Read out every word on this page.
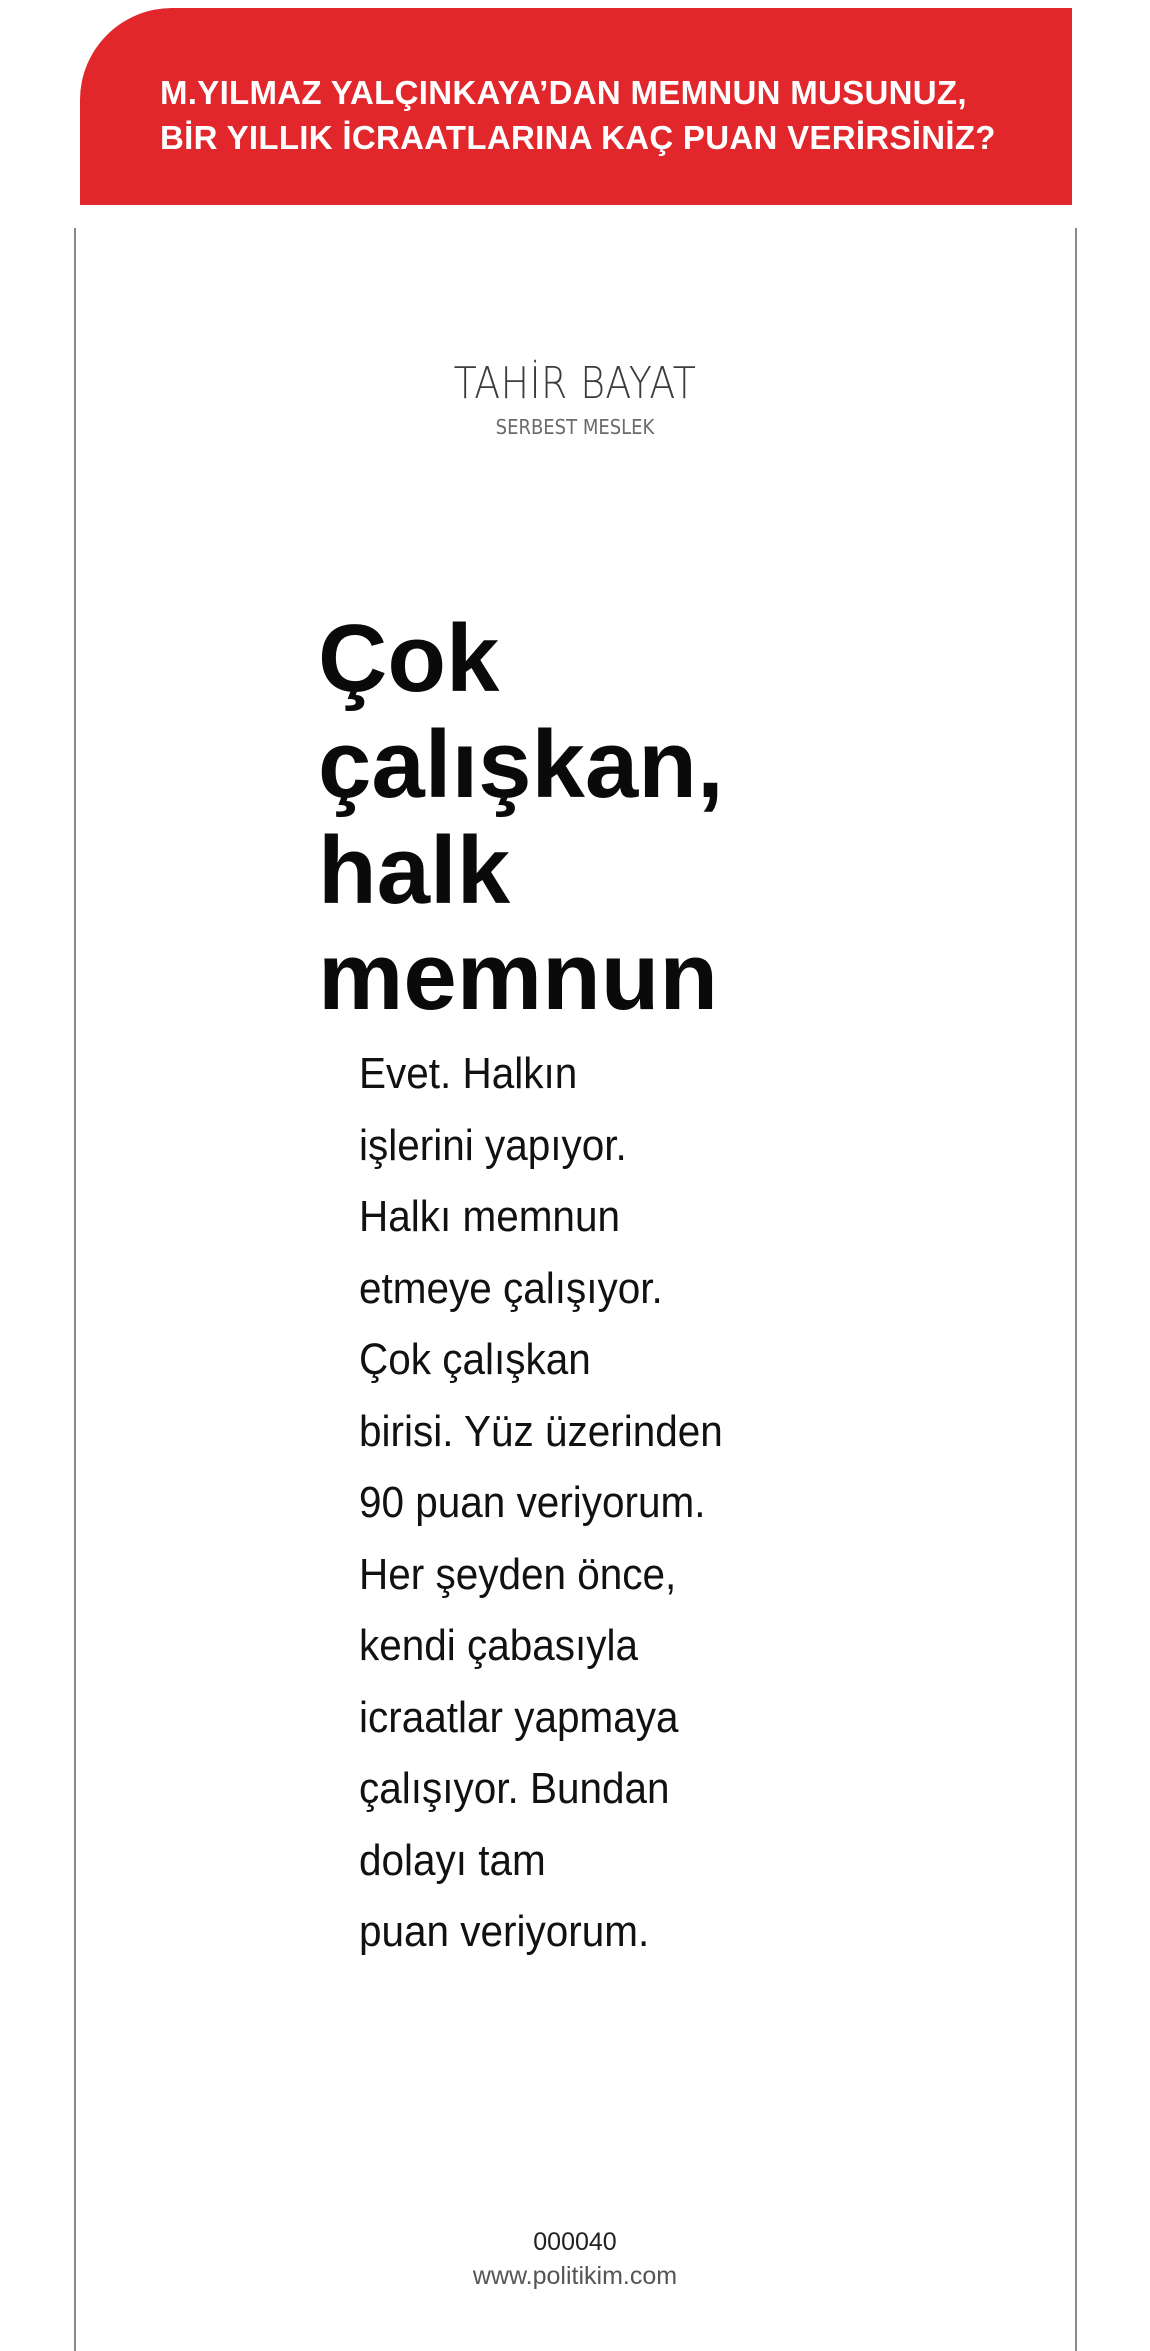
M.YILMAZ YALÇINKAYA’DAN MEMNUN MUSUNUZ,
BİR YILLIK İCRAATLARINA KAÇ PUAN VERİRSİNİZ?
TAHİR BAYAT
SERBEST MESLEK
Çok
çalışkan,
halk
memnun
Evet. Halkın
işlerini yapıyor.
Halkı memnun
etmeye çalışıyor.
Çok çalışkan
birisi. Yüz üzerinden
90 puan veriyorum.
Her şeyden önce,
kendi çabasıyla
icraatlar yapmaya
çalışıyor. Bundan
dolayı tam
puan veriyorum.
000040
www.politikim.com
